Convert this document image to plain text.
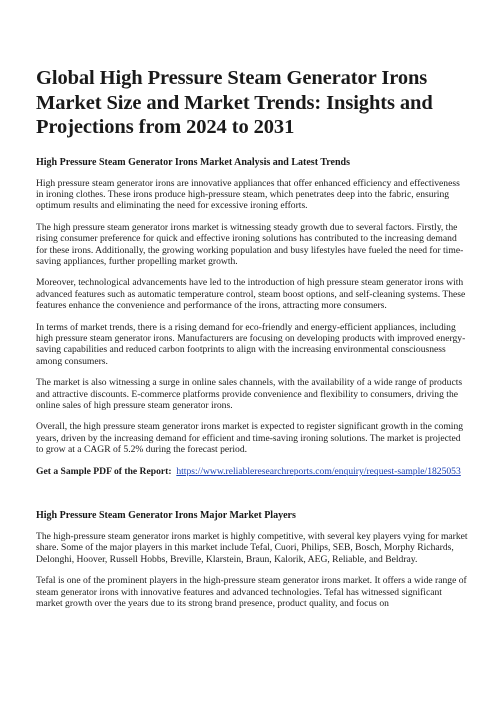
Global High Pressure Steam Generator Irons Market Size and Market Trends: Insights and Projections from 2024 to 2031
High Pressure Steam Generator Irons Market Analysis and Latest Trends

High pressure steam generator irons are innovative appliances that offer enhanced efficiency and effectiveness in ironing clothes. These irons produce high-pressure steam, which penetrates deep into the fabric, ensuring optimum results and eliminating the need for excessive ironing efforts.

The high pressure steam generator irons market is witnessing steady growth due to several factors. Firstly, the rising consumer preference for quick and effective ironing solutions has contributed to the increasing demand for these irons. Additionally, the growing working population and busy lifestyles have fueled the need for time-saving appliances, further propelling market growth.

Moreover, technological advancements have led to the introduction of high pressure steam generator irons with advanced features such as automatic temperature control, steam boost options, and self-cleaning systems. These features enhance the convenience and performance of the irons, attracting more consumers.

In terms of market trends, there is a rising demand for eco-friendly and energy-efficient appliances, including high pressure steam generator irons. Manufacturers are focusing on developing products with improved energy-saving capabilities and reduced carbon footprints to align with the increasing environmental consciousness among consumers.

The market is also witnessing a surge in online sales channels, with the availability of a wide range of products and attractive discounts. E-commerce platforms provide convenience and flexibility to consumers, driving the online sales of high pressure steam generator irons.

Overall, the high pressure steam generator irons market is expected to register significant growth in the coming years, driven by the increasing demand for efficient and time-saving ironing solutions. The market is projected to grow at a CAGR of 5.2% during the forecast period.

Get a Sample PDF of the Report: https://www.reliableresearchreports.com/enquiry/request-sample/1825053
High Pressure Steam Generator Irons Major Market Players

The high-pressure steam generator irons market is highly competitive, with several key players vying for market share. Some of the major players in this market include Tefal, Cuori, Philips, SEB, Bosch, Morphy Richards, Delonghi, Hoover, Russell Hobbs, Breville, Klarstein, Braun, Kalorik, AEG, Reliable, and Beldray.

Tefal is one of the prominent players in the high-pressure steam generator irons market. It offers a wide range of steam generator irons with innovative features and advanced technologies. Tefal has witnessed significant market growth over the years due to its strong brand presence, product quality, and focus on
